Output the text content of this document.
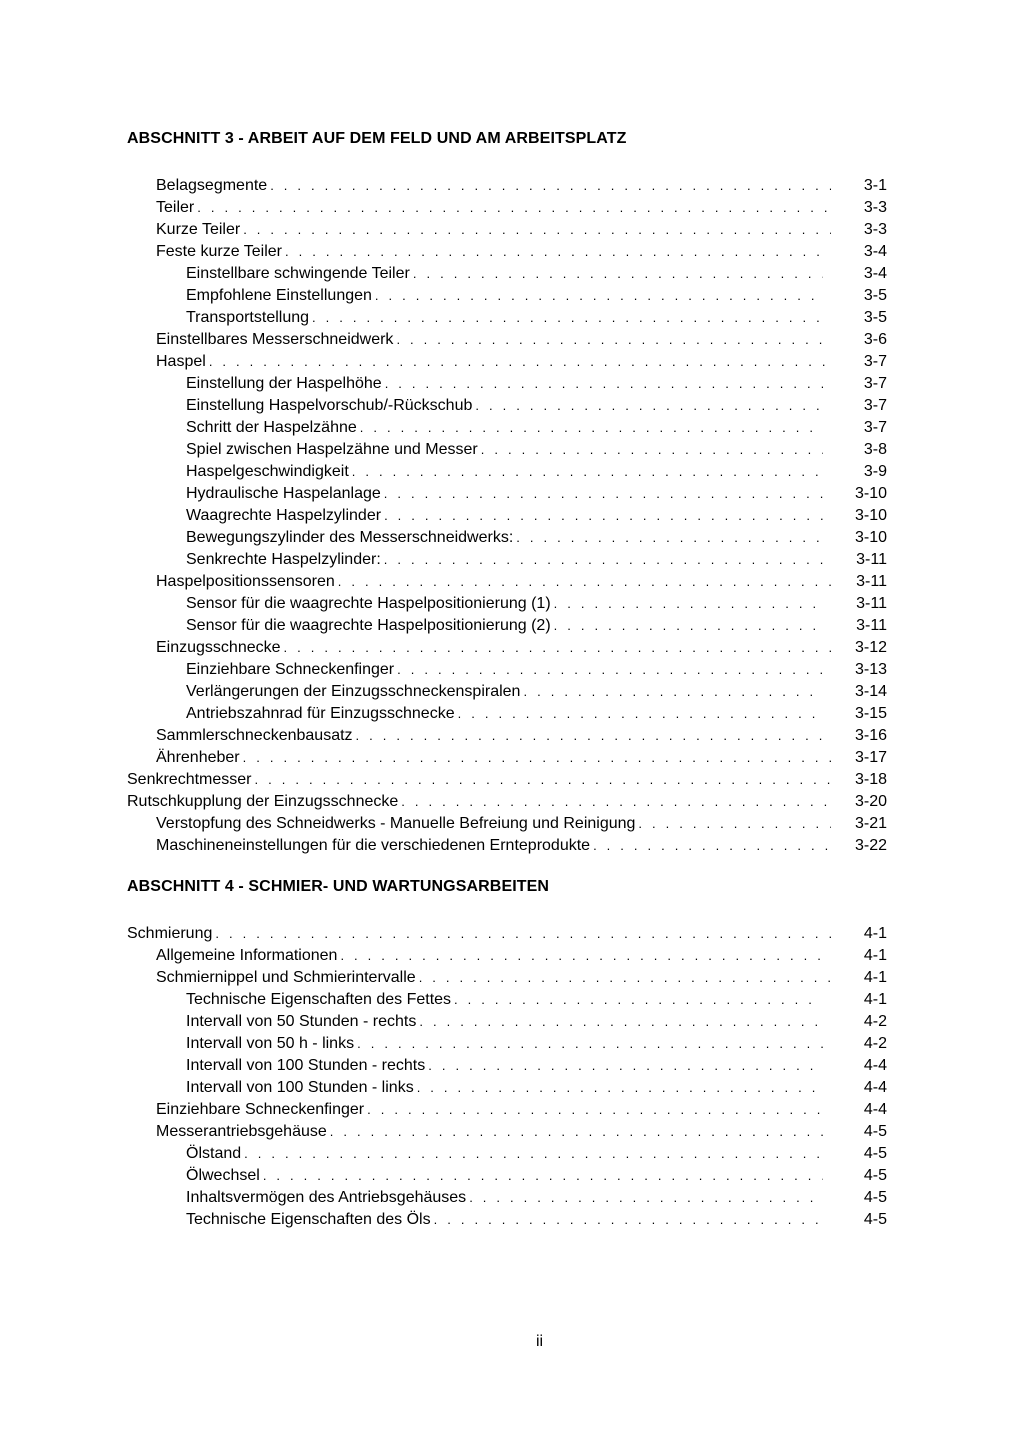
ABSCHNITT 3 - ARBEIT AUF DEM FELD UND AM ARBEITSPLATZ
ABSCHNITT 4 - SCHMIER- UND WARTUNGSARBEITEN
Belagsegmente . . .	3-1
Teiler . . .	3-3
Kurze Teiler . . .	3-3
Feste kurze Teiler . . .	3-4
Einstellbare schwingende Teiler . . .	3-4
Empfohlene Einstellungen . . .	3-5
Transportstellung . . .	3-5
Einstellbares Messerschneidwerk . . .	3-6
Haspel . . .	3-7
Einstellung der Haspelhöhe . . .	3-7
Einstellung Haspelvorschub/-Rückschub . . .	3-7
Schritt der Haspelzähne . . .	3-7
Spiel zwischen Haspelzähne und Messer . . .	3-8
Haspelgeschwindigkeit . . .	3-9
Hydraulische Haspelanlage . . .	3-10
Waagrechte Haspelzylinder . . .	3-10
Bewegungszylinder des Messerschneidwerks: . . .	3-10
Senkrechte Haspelzylinder: . . .	3-11
Haspelpositionssensoren . . .	3-11
Sensor für die waagrechte Haspelpositionierung (1) . . .	3-11
Sensor für die waagrechte Haspelpositionierung (2) . . .	3-11
Einzugsschnecke . . .	3-12
Einziehbare Schneckenfinger . . .	3-13
Verlängerungen der Einzugsschneckenspiralen . . .	3-14
Antriebszahnrad für Einzugsschnecke . . .	3-15
Sammlerschneckenbausatz . . .	3-16
Ährenheber . . .	3-17
Senkrechtmesser . . .	3-18
Rutschkupplung der Einzugsschnecke . . .	3-20
Verstopfung des Schneidwerks - Manuelle Befreiung und Reinigung . . .	3-21
Maschineneinstellungen für die verschiedenen Ernteprodukte . . .	3-22
Schmierung . . .	4-1
Allgemeine Informationen . . .	4-1
Schmiernippel und Schmierintervalle . . .	4-1
Technische Eigenschaften des Fettes . . .	4-1
Intervall von 50 Stunden - rechts . . .	4-2
Intervall von 50 h - links . . .	4-2
Intervall von 100 Stunden - rechts . . .	4-4
Intervall von 100 Stunden - links . . .	4-4
Einziehbare Schneckenfinger . . .	4-4
Messerantriebsgehäuse . . .	4-5
Ölstand . . .	4-5
Ölwechsel . . .	4-5
Inhaltsvermögen des Antriebsgehäuses . . .	4-5
Technische Eigenschaften des Öls . . .	4-5
ii
